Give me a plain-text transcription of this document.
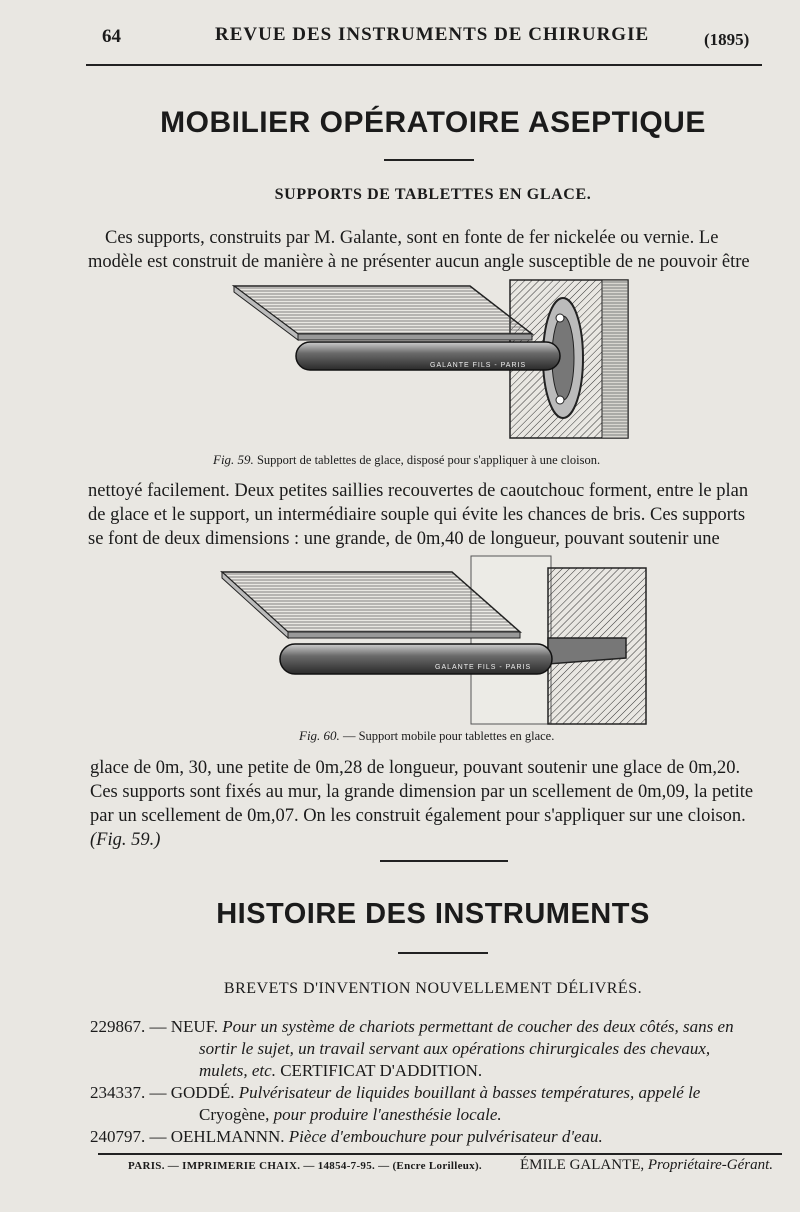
64	REVUE DES INSTRUMENTS DE CHIRURGIE	(1895)
MOBILIER OPÉRATOIRE ASEPTIQUE
SUPPORTS DE TABLETTES EN GLACE.
Ces supports, construits par M. Galante, sont en fonte de fer nickelée ou vernie. Le
modèle est construit de manière à ne présenter aucun angle susceptible de ne pouvoir être
GALANTE FILS - PARIS
Fig. 59. Support de tablettes de glace, disposé pour s'appliquer à une cloison.
nettoyé facilement. Deux petites saillies recouvertes de caoutchouc forment, entre le plan
de glace et le support, un intermédiaire souple qui évite les chances de bris. Ces supports
se font de deux dimensions : une grande, de 0m,40 de longueur, pouvant soutenir une
GALANTE FILS - PARIS
Fig. 60. — Support mobile pour tablettes en glace.
glace de 0m, 30, une petite de 0m,28 de longueur, pouvant soutenir une glace de 0m,20.
Ces supports sont fixés au mur, la grande dimension par un scellement de 0m,09, la petite
par un scellement de 0m,07. On les construit également pour s'appliquer sur une cloison.
(Fig. 59.)
HISTOIRE DES INSTRUMENTS
BREVETS D'INVENTION NOUVELLEMENT DÉLIVRÉS.
229867. — NEUF. Pour un système de chariots permettant de coucher des deux côtés, sans en
sortir le sujet, un travail servant aux opérations chirurgicales des chevaux,
mulets, etc. CERTIFICAT D'ADDITION.
234337. — GODDÉ. Pulvérisateur de liquides bouillant à basses températures, appelé le
Cryogène, pour produire l'anesthésie locale.
240797. — OEHLMANNN. Pièce d'embouchure pour pulvérisateur d'eau.
PARIS. — IMPRIMERIE CHAIX. — 14854-7-95. — (Encre Lorilleux).	ÉMILE GALANTE, Propriétaire-Gérant.
